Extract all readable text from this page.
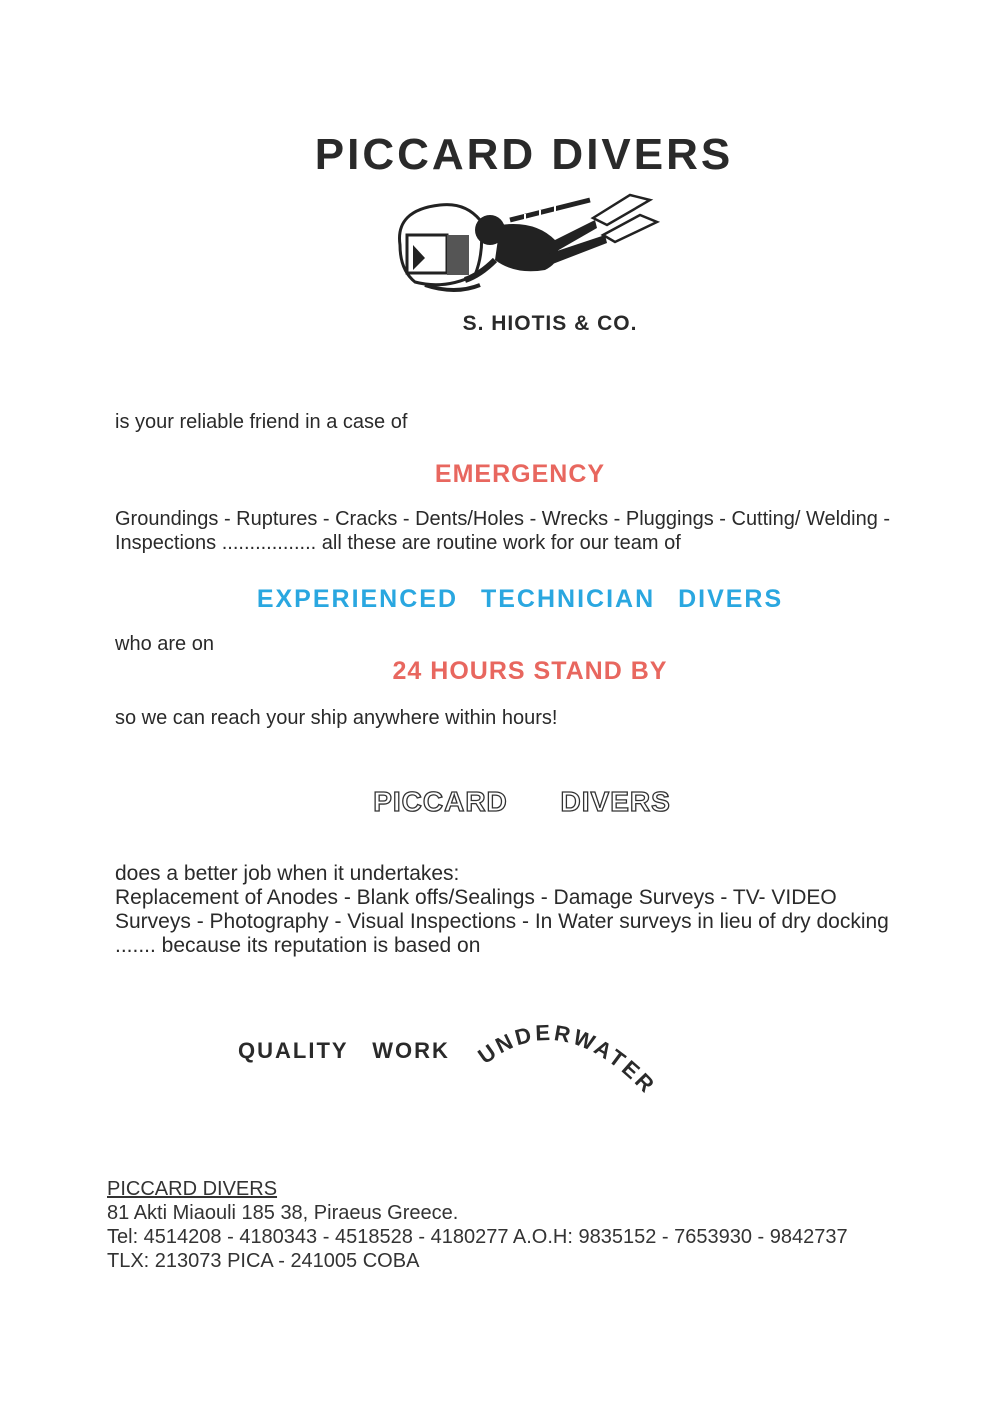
PICCARD DIVERS
S. HIOTIS & CO.
is your reliable friend in a case of
EMERGENCY
Groundings - Ruptures - Cracks - Dents/Holes - Wrecks - Pluggings - Cutting/ Welding - Inspections ................. all these are routine work for our team of
EXPERIENCED TECHNICIAN DIVERS
who are on
24 HOURS STAND BY
so we can reach your ship anywhere within hours!
PICCARD DIVERS
does a better job when it undertakes:
Replacement of Anodes - Blank offs/Sealings - Damage Surveys - TV- VIDEO Surveys - Photography - Visual Inspections - In Water surveys in lieu of dry docking ....... because its reputation is based on
QUALITY WORK UNDERWATER
PICCARD DIVERS
81 Akti Miaouli 185 38, Piraeus Greece.
Tel: 4514208 - 4180343 - 4518528 - 4180277 A.O.H: 9835152 - 7653930 - 9842737
TLX: 213073 PICA - 241005 COBA
